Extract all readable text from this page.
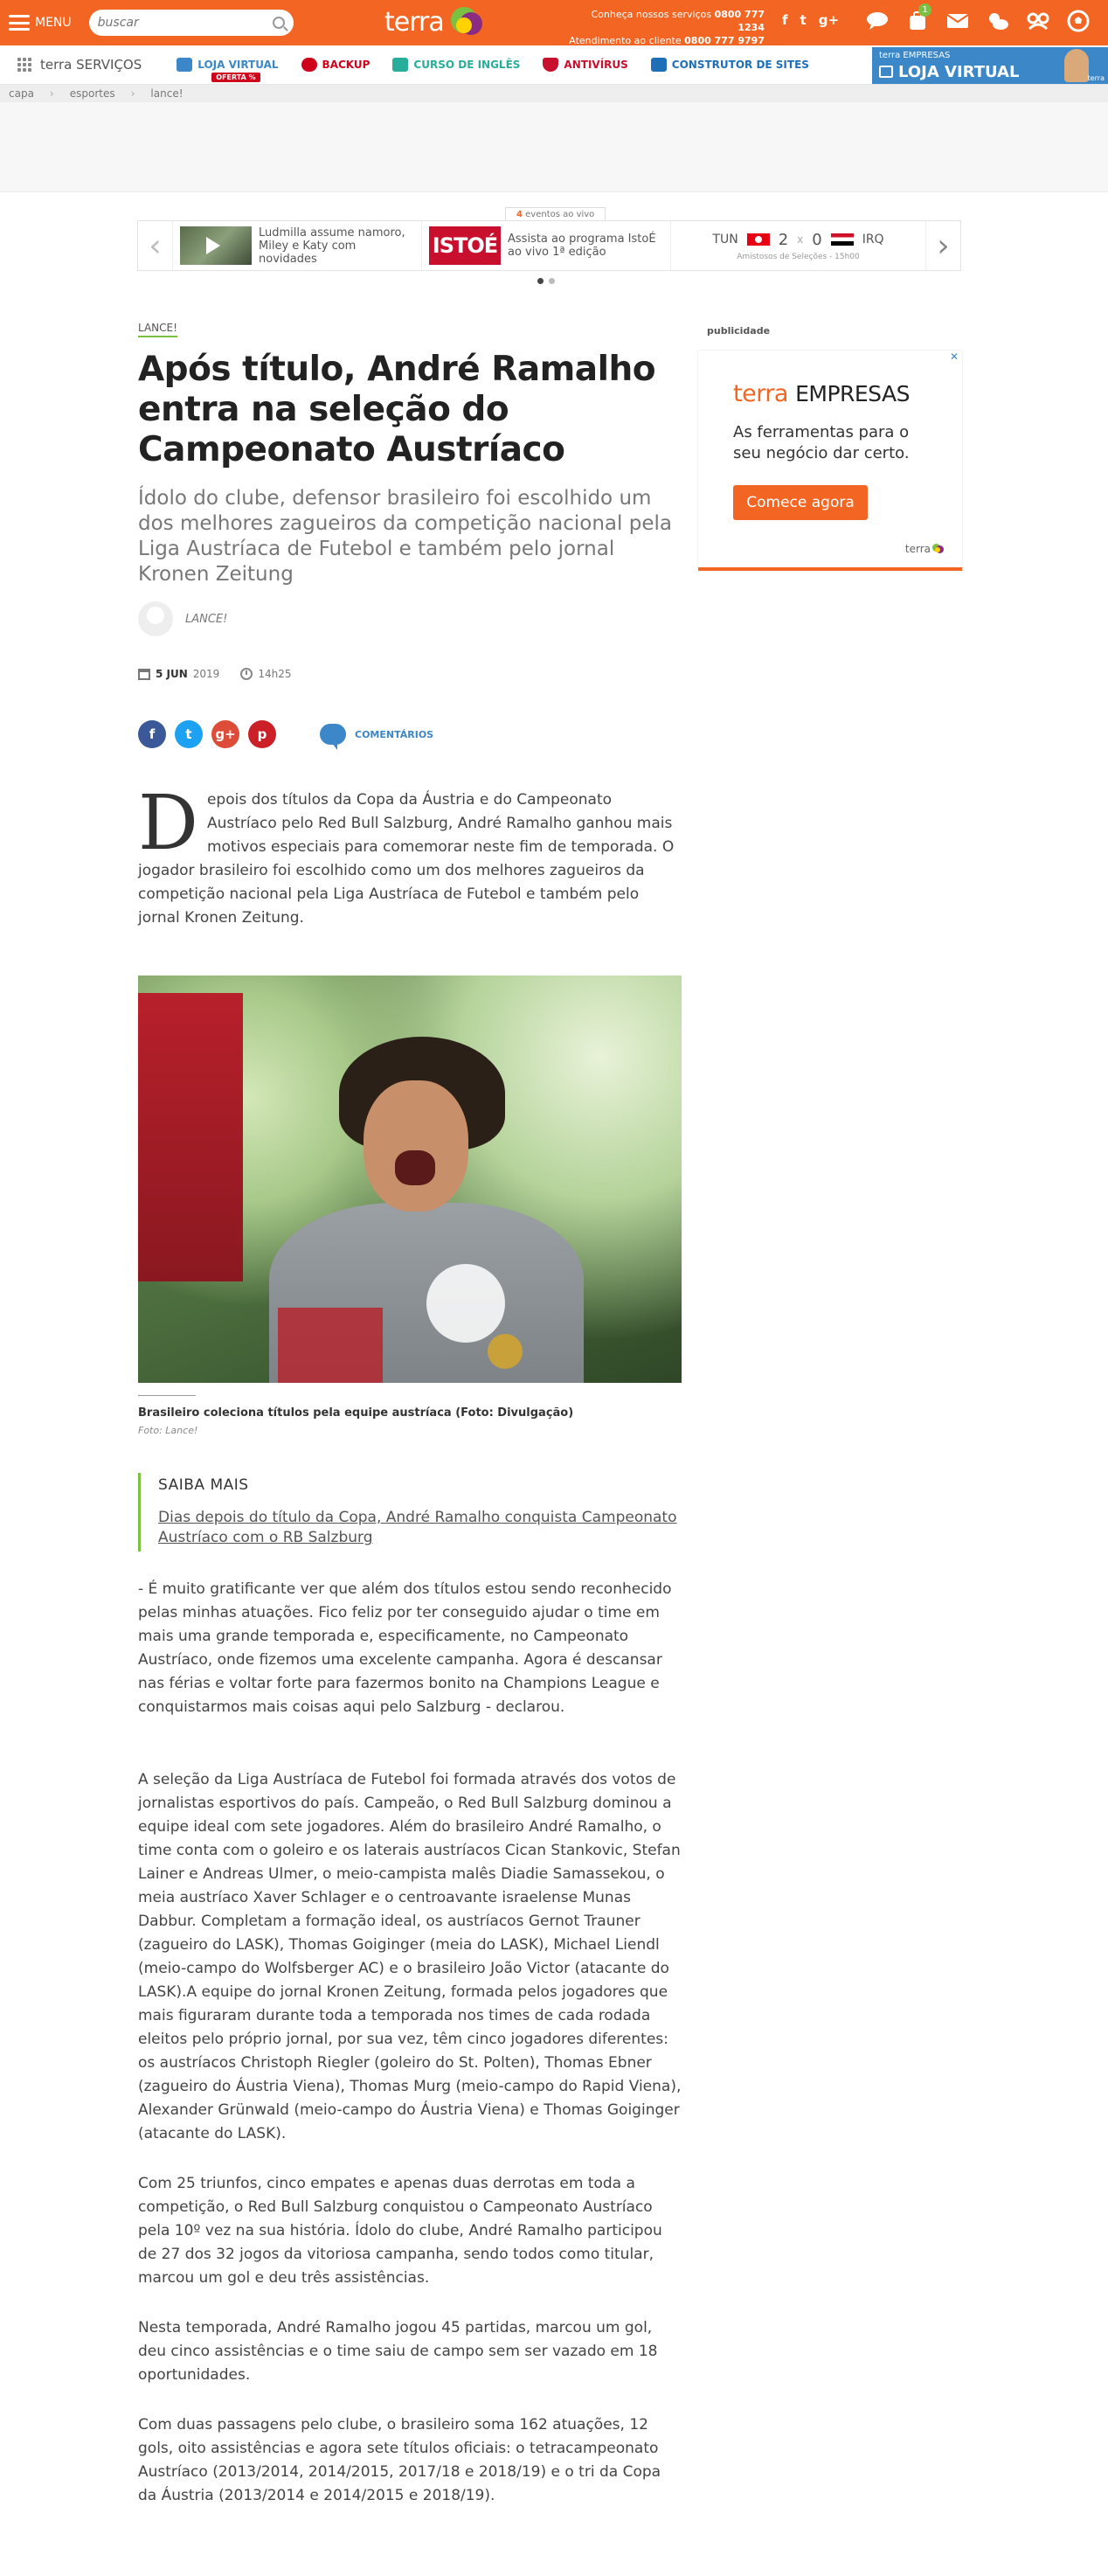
MENU
buscar	terra	Conheça nossos serviços 0800 777 1234
Atendimento ao cliente 0800 777 9797
f t g+
1
terra SERVIÇOS	LOJA VIRTUAL
OFERTA %
BACKUP	CURSO DE INGLÊS	ANTIVÍRUS	CONSTRUTOR DE SITES
terra EMPRESAS
LOJA VIRTUAL	terra
capa › esportes › lance!
4 eventos ao vivo
‹	Ludmilla assume namoro, Miley e Katy com novidades
ISTOÉ Assista ao programa IstoÉ ao vivo 1ª edição
TUN	2 x 0	IRQ
Amistosos de Seleções - 15h00	›
LANCE!
Após título, André Ramalho entra na seleção do Campeonato Austríaco

Ídolo do clube, defensor brasileiro foi escolhido um dos melhores zagueiros da competição nacional pela Liga Austríaca de Futebol e também pelo jornal Kronen Zeitung

LANCE!
5 JUN 2019	14h25
f	t	g+	p	COMENTÁRIOS

Depois dos títulos da Copa da Áustria e do Campeonato Austríaco pelo Red Bull Salzburg, André Ramalho ganhou mais motivos especiais para comemorar neste fim de temporada. O jogador brasileiro foi escolhido como um dos melhores zagueiros da competição nacional pela Liga Austríaca de Futebol e também pelo jornal Kronen Zeitung.

Brasileiro coleciona títulos pela equipe austríaca (Foto: Divulgação)

Foto: Lance!

SAIBA MAIS
Dias depois do título da Copa, André Ramalho conquista Campeonato Austríaco com o RB Salzburg

- É muito gratificante ver que além dos títulos estou sendo reconhecido pelas minhas atuações. Fico feliz por ter conseguido ajudar o time em mais uma grande temporada e, especificamente, no Campeonato Austríaco, onde fizemos uma excelente campanha. Agora é descansar nas férias e voltar forte para fazermos bonito na Champions League e conquistarmos mais coisas aqui pelo Salzburg - declarou.

A seleção da Liga Austríaca de Futebol foi formada através dos votos de jornalistas esportivos do país. Campeão, o Red Bull Salzburg dominou a equipe ideal com sete jogadores. Além do brasileiro André Ramalho, o time conta com o goleiro e os laterais austríacos Cican Stankovic, Stefan Lainer e Andreas Ulmer, o meio-campista malês Diadie Samassekou, o meia austríaco Xaver Schlager e o centroavante israelense Munas Dabbur. Completam a formação ideal, os austríacos Gernot Trauner (zagueiro do LASK), Thomas Goiginger (meia do LASK), Michael Liendl (meio-campo do Wolfsberger AC) e o brasileiro João Victor (atacante do LASK).A equipe do jornal Kronen Zeitung, formada pelos jogadores que mais figuraram durante toda a temporada nos times de cada rodada eleitos pelo próprio jornal, por sua vez, têm cinco jogadores diferentes: os austríacos Christoph Riegler (goleiro do St. Polten), Thomas Ebner (zagueiro do Áustria Viena), Thomas Murg (meio-campo do Rapid Viena), Alexander Grünwald (meio-campo do Áustria Viena) e Thomas Goiginger (atacante do LASK).

Com 25 triunfos, cinco empates e apenas duas derrotas em toda a competição, o Red Bull Salzburg conquistou o Campeonato Austríaco pela 10º vez na sua história. Ídolo do clube, André Ramalho participou de 27 dos 32 jogos da vitoriosa campanha, sendo todos como titular, marcou um gol e deu três assistências.

Nesta temporada, André Ramalho jogou 45 partidas, marcou um gol, deu cinco assistências e o time saiu de campo sem ser vazado em 18 oportunidades.

Com duas passagens pelo clube, o brasileiro soma 162 atuações, 12 gols, oito assistências e agora sete títulos oficiais: o tetracampeonato Austríaco (2013/2014, 2014/2015, 2017/18 e 2018/19) e o tri da Copa da Áustria (2013/2014 e 2014/2015 e 2018/19).

publicidade
✕
terra EMPRESAS
As ferramentas para o seu negócio dar certo.
Comece agora
terra
